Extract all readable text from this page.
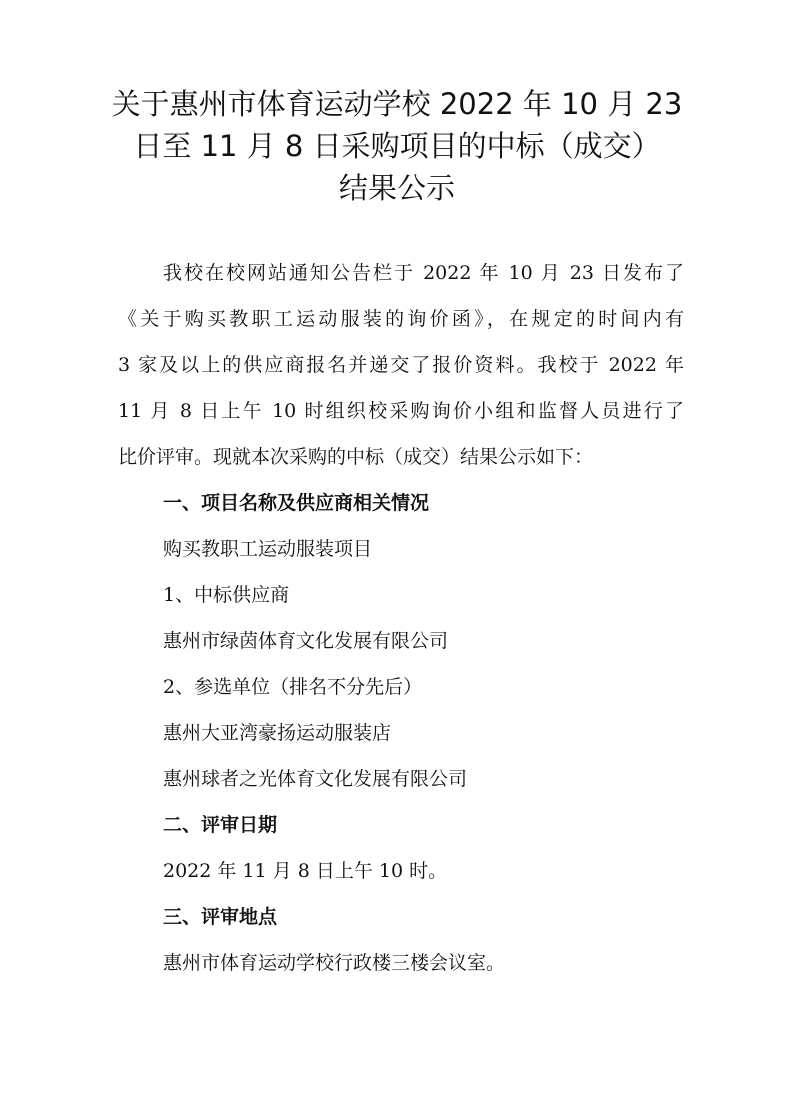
关于惠州市体育运动学校 2022 年 10 月 23
日至 11 月 8 日采购项目的中标（成交）
结果公示
我校在校网站通知公告栏于 2022 年 10 月 23 日发布了
《关于购买教职工运动服装的询价函》，在规定的时间内有
3 家及以上的供应商报名并递交了报价资料。我校于 2022 年
11 月 8 日上午 10 时组织校采购询价小组和监督人员进行了
比价评审。现就本次采购的中标（成交）结果公示如下：
一、项目名称及供应商相关情况
购买教职工运动服装项目
1、中标供应商
惠州市绿茵体育文化发展有限公司
2、参选单位（排名不分先后）
惠州大亚湾豪扬运动服装店
惠州球者之光体育文化发展有限公司
二、评审日期
2022 年 11 月 8 日上午 10 时。
三、评审地点
惠州市体育运动学校行政楼三楼会议室。
